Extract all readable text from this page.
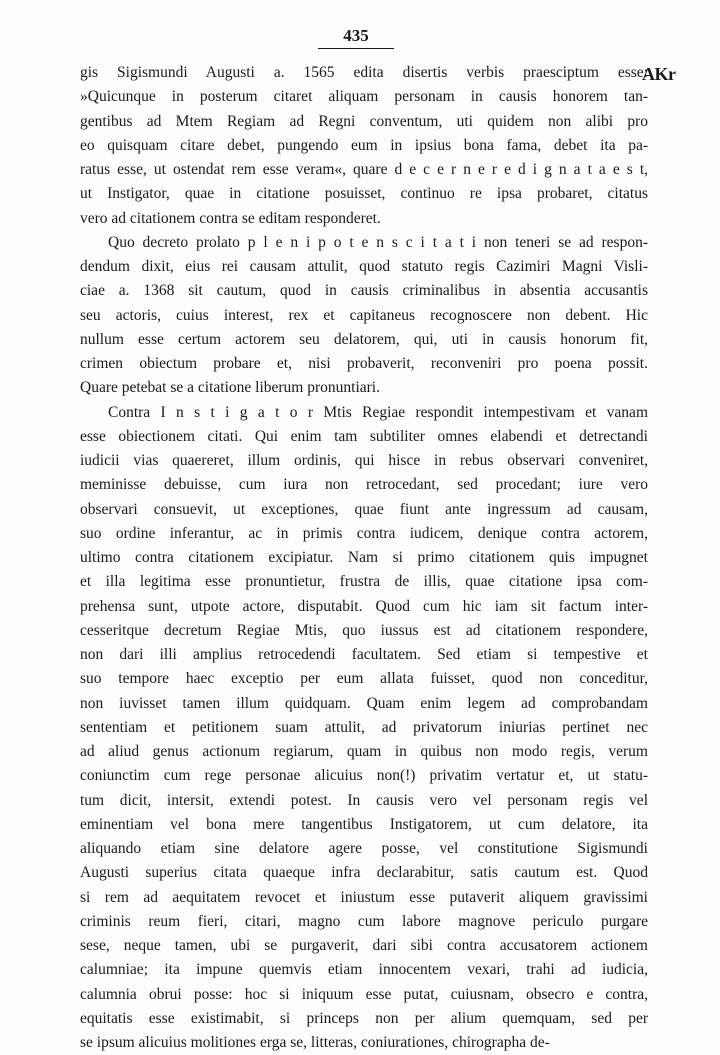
435
AKr
gis Sigismundi Augusti a. 1565 edita disertis verbis praesciptum esse:
»Quicunque in posterum citaret aliquam personam in causis honorem tan-
gentibus ad Mtem Regiam ad Regni conventum, uti quidem non alibi pro
eo quisquam citare debet, pungendo eum in ipsius bona fama, debet ita pa-
ratus esse, ut ostendat rem esse veram«, quare d e c e r n e r e d i g n a t a e s t,
ut Instigator, quae in citatione posuisset, continuo re ipsa probaret, citatus
vero ad citationem contra se editam responderet.
Quo decreto prolato p l e n i p o t e n s c i t a t i non teneri se ad respon-
dendum dixit, eius rei causam attulit, quod statuto regis Cazimiri Magni Visli-
ciae a. 1368 sit cautum, quod in causis criminalibus in absentia accusantis
seu actoris, cuius interest, rex et capitaneus recognoscere non debent. Hic
nullum esse certum actorem seu delatorem, qui, uti in causis honorum fit,
crimen obiectum probare et, nisi probaverit, reconveniri pro poena possit.
Quare petebat se a citatione liberum pronuntiari.
Contra I n s t i g a t o r Mtis Regiae respondit intempestivam et vanam
esse obiectionem citati. Qui enim tam subtiliter omnes elabendi et detrectandi
iudicii vias quaereret, illum ordinis, qui hisce in rebus observari conveniret,
meminisse debuisse, cum iura non retrocedant, sed procedant; iure vero
observari consuevit, ut exceptiones, quae fiunt ante ingressum ad causam,
suo ordine inferantur, ac in primis contra iudicem, denique contra actorem,
ultimo contra citationem excipiatur. Nam si primo citationem quis impugnet
et illa legitima esse pronuntietur, frustra de illis, quae citatione ipsa com-
prehensa sunt, utpote actore, disputabit. Quod cum hic iam sit factum inter-
cesseritque decretum Regiae Mtis, quo iussus est ad citationem respondere,
non dari illi amplius retrocedendi facultatem. Sed etiam si tempestive et
suo tempore haec exceptio per eum allata fuisset, quod non conceditur,
non iuvisset tamen illum quidquam. Quam enim legem ad comprobandam
sententiam et petitionem suam attulit, ad privatorum iniurias pertinet nec
ad aliud genus actionum regiarum, quam in quibus non modo regis, verum
coniunctim cum rege personae alicuius non(!) privatim vertatur et, ut statu-
tum dicit, intersit, extendi potest. In causis vero vel personam regis vel
eminentiam vel bona mere tangentibus Instigatorem, ut cum delatore, ita
aliquando etiam sine delatore agere posse, vel constitutione Sigismundi
Augusti superius citata quaeque infra declarabitur, satis cautum est. Quod
si rem ad aequitatem revocet et iniustum esse putaverit aliquem gravissimi
criminis reum fieri, citari, magno cum labore magnove periculo purgare
sese, neque tamen, ubi se purgaverit, dari sibi contra accusatorem actionem
calumniae; ita impune quemvis etiam innocentem vexari, trahi ad iudicia,
calumnia obrui posse: hoc si iniquum esse putat, cuiusnam, obsecro e contra,
equitatis esse existimabit, si princeps non per alium quemquam, sed per
se ipsum alicuius molitiones erga se, litteras, coniurationes, chirographa de-
